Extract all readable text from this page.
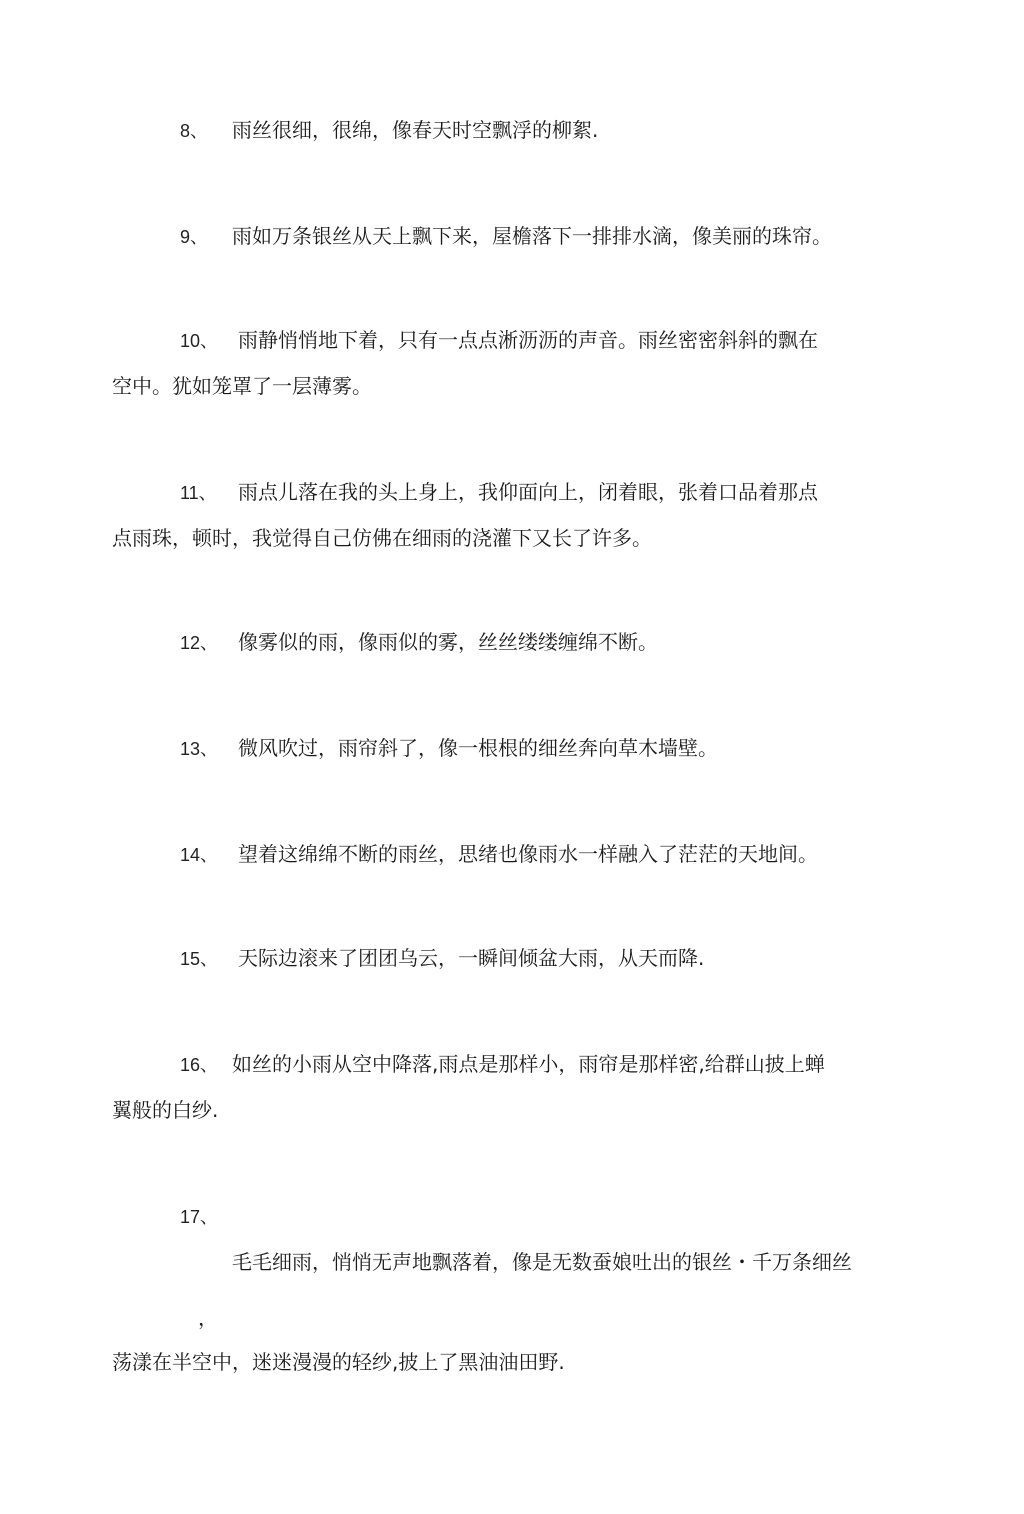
8、 雨丝很细，很绵，像春天时空飘浮的柳絮.
9、 雨如万条银丝从天上飘下来，屋檐落下一排排水滴，像美丽的珠帘。
10、 雨静悄悄地下着，只有一点点淅沥沥的声音。雨丝密密斜斜的飘在
空中。犹如笼罩了一层薄雾。
11、 雨点儿落在我的头上身上，我仰面向上，闭着眼，张着口品着那点
点雨珠，顿时，我觉得自己仿佛在细雨的浇灌下又长了许多。
12、 像雾似的雨，像雨似的雾，丝丝缕缕缠绵不断。
13、 微风吹过，雨帘斜了，像一根根的细丝奔向草木墙壁。
14、 望着这绵绵不断的雨丝，思绪也像雨水一样融入了茫茫的天地间。
15、 天际边滚来了团团乌云，一瞬间倾盆大雨，从天而降.
16、 如丝的小雨从空中降落,雨点是那样小，雨帘是那样密,给群山披上蝉
翼般的白纱.
17、
毛毛细雨，悄悄无声地飘落着，像是无数蚕娘吐出的银丝・千万条细丝
，
荡漾在半空中，迷迷漫漫的轻纱,披上了黑油油田野.
